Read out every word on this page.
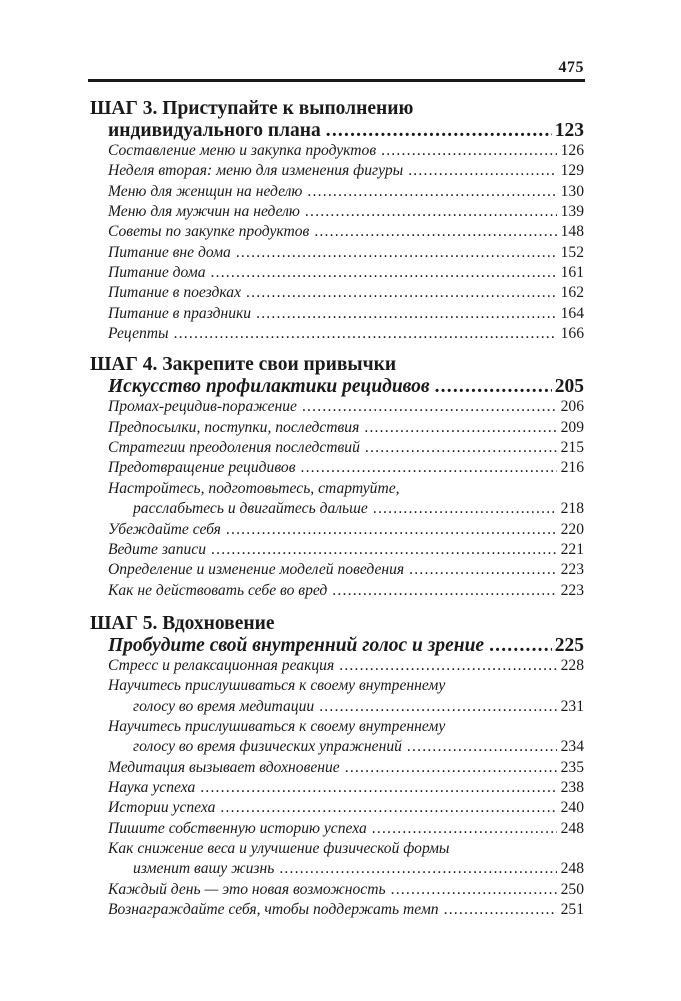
475
ШАГ 3. Приступайте к выполнению
индивидуального плана .....	123
Составление меню и закупка продуктов .....	126
Неделя вторая: меню для изменения фигуры .....	129
Меню для женщин на неделю .....	130
Меню для мужчин на неделю .....	139
Советы по закупке продуктов .....	148
Питание вне дома .....	152
Питание дома .....	161
Питание в поездках .....	162
Питание в праздники .....	164
Рецепты .....	166
ШАГ 4. Закрепите свои привычки
Искусство профилактики рецидивов .....	205
Промах-рецидив-поражение .....	206
Предпосылки, поступки, последствия .....	209
Стратегии преодоления последствий .....	215
Предотвращение рецидивов .....	216
Настройтесь, подготовьтесь, стартуйте,
расслабьтесь и двигайтесь дальше .....	218
Убеждайте себя .....	220
Ведите записи .....	221
Определение и изменение моделей поведения .....	223
Как не действовать себе во вред .....	223
ШАГ 5. Вдохновение
Пробудите свой внутренний голос и зрение .....	225
Стресс и релаксационная реакция .....	228
Научитесь прислушиваться к своему внутреннему
голосу во время медитации .....	231
Научитесь прислушиваться к своему внутреннему
голосу во время физических упражнений .....	234
Медитация вызывает вдохновение .....	235
Наука успеха .....	238
Истории успеха .....	240
Пишите собственную историю успеха .....	248
Как снижение веса и улучшение физической формы
изменит вашу жизнь .....	248
Каждый день — это новая возможность .....	250
Вознаграждайте себя, чтобы поддержать темп .....	251
